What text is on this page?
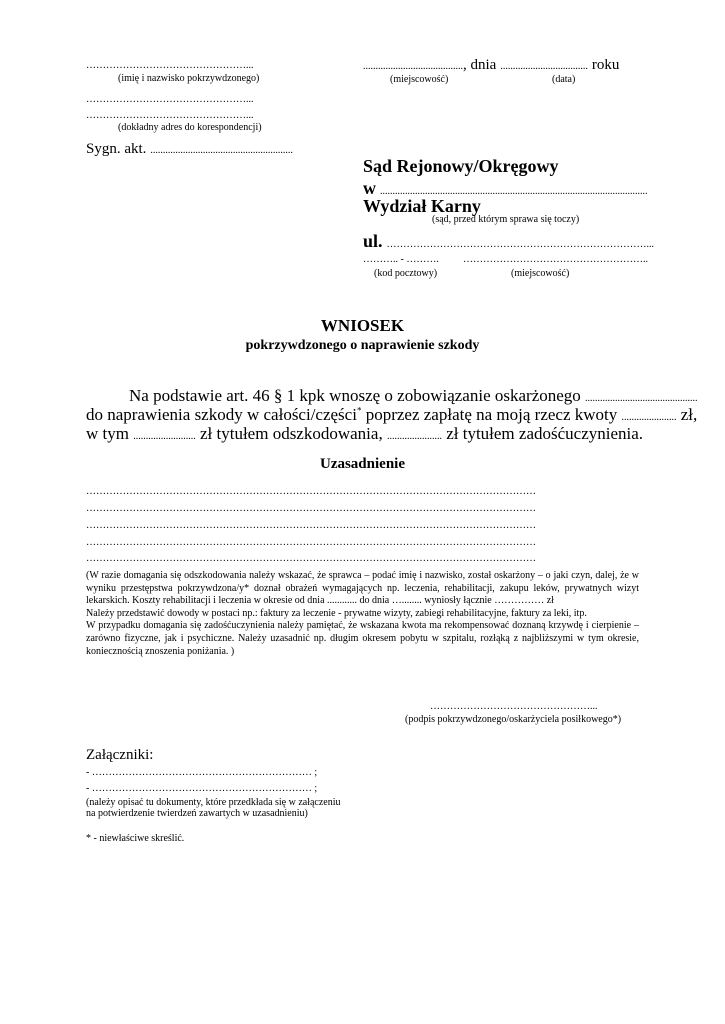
…………………………………………...
(imię i nazwisko pokrzywdzonego)
…………………………………………...
…………………………………………...
(dokładny adres do korespondencji)
Sygn. akt. .........................................................
........................................, dnia ................................... roku
(miejscowość)	(data)
Sąd Rejonowy/Okręgowy
w ...........................................................................................................
Wydział Karny
(sąd, przed którym sprawa się toczy)
ul. ……………………………………………………………………...
……….. - ………. ………………………………………………..
(kod pocztowy)	(miejscowość)
WNIOSEK
pokrzywdzonego o naprawienie szkody
Na podstawie art. 46 § 1 kpk wnoszę o zobowiązanie oskarżonego .............................................
do naprawienia szkody w całości/części* poprzez zapłatę na moją rzecz kwoty ...................... zł,
w tym ......................... zł tytułem odszkodowania, ...................... zł tytułem zadośćuczynienia.
Uzasadnienie
………………………………………………………………………………………………………………………
………………………………………………………………………………………………………………………
………………………………………………………………………………………………………………………
………………………………………………………………………………………………………………………
………………………………………………………………………………………………………………………

(W razie domagania się odszkodowania należy wskazać, że sprawca – podać imię i nazwisko, został oskarżony – o jaki czyn, dalej, że w wyniku przestępstwa pokrzywdzona/y* doznał obrażeń wymagających np. leczenia, rehabilitacji, zakupu leków, prywatnych wizyt lekarskich. Koszty rehabilitacji i leczenia w okresie od dnia ............ do dnia …........ wyniosły łącznie …………… zł

Należy przedstawić dowody w postaci np.: faktury za leczenie - prywatne wizyty, zabiegi rehabilitacyjne, faktury za leki, itp.

W przypadku domagania się zadośćuczynienia należy pamiętać, że wskazana kwota ma rekompensować doznaną krzywdę i cierpienie – zarówno fizyczne, jak i psychiczne. Należy uzasadnić np. długim okresem pobytu w szpitalu, rozłąką z najbliższymi w tym okresie, koniecznością znoszenia poniżania. )

…………………………………………...
(podpis pokrzywdzonego/oskarżyciela posiłkowego*)
Załączniki:
- ………………………………………………………… ;
- ………………………………………………………… ;
(należy opisać tu dokumenty, które przedkłada się w załączeniu
na potwierdzenie twierdzeń zawartych w uzasadnieniu)
* - niewłaściwe skreślić.
